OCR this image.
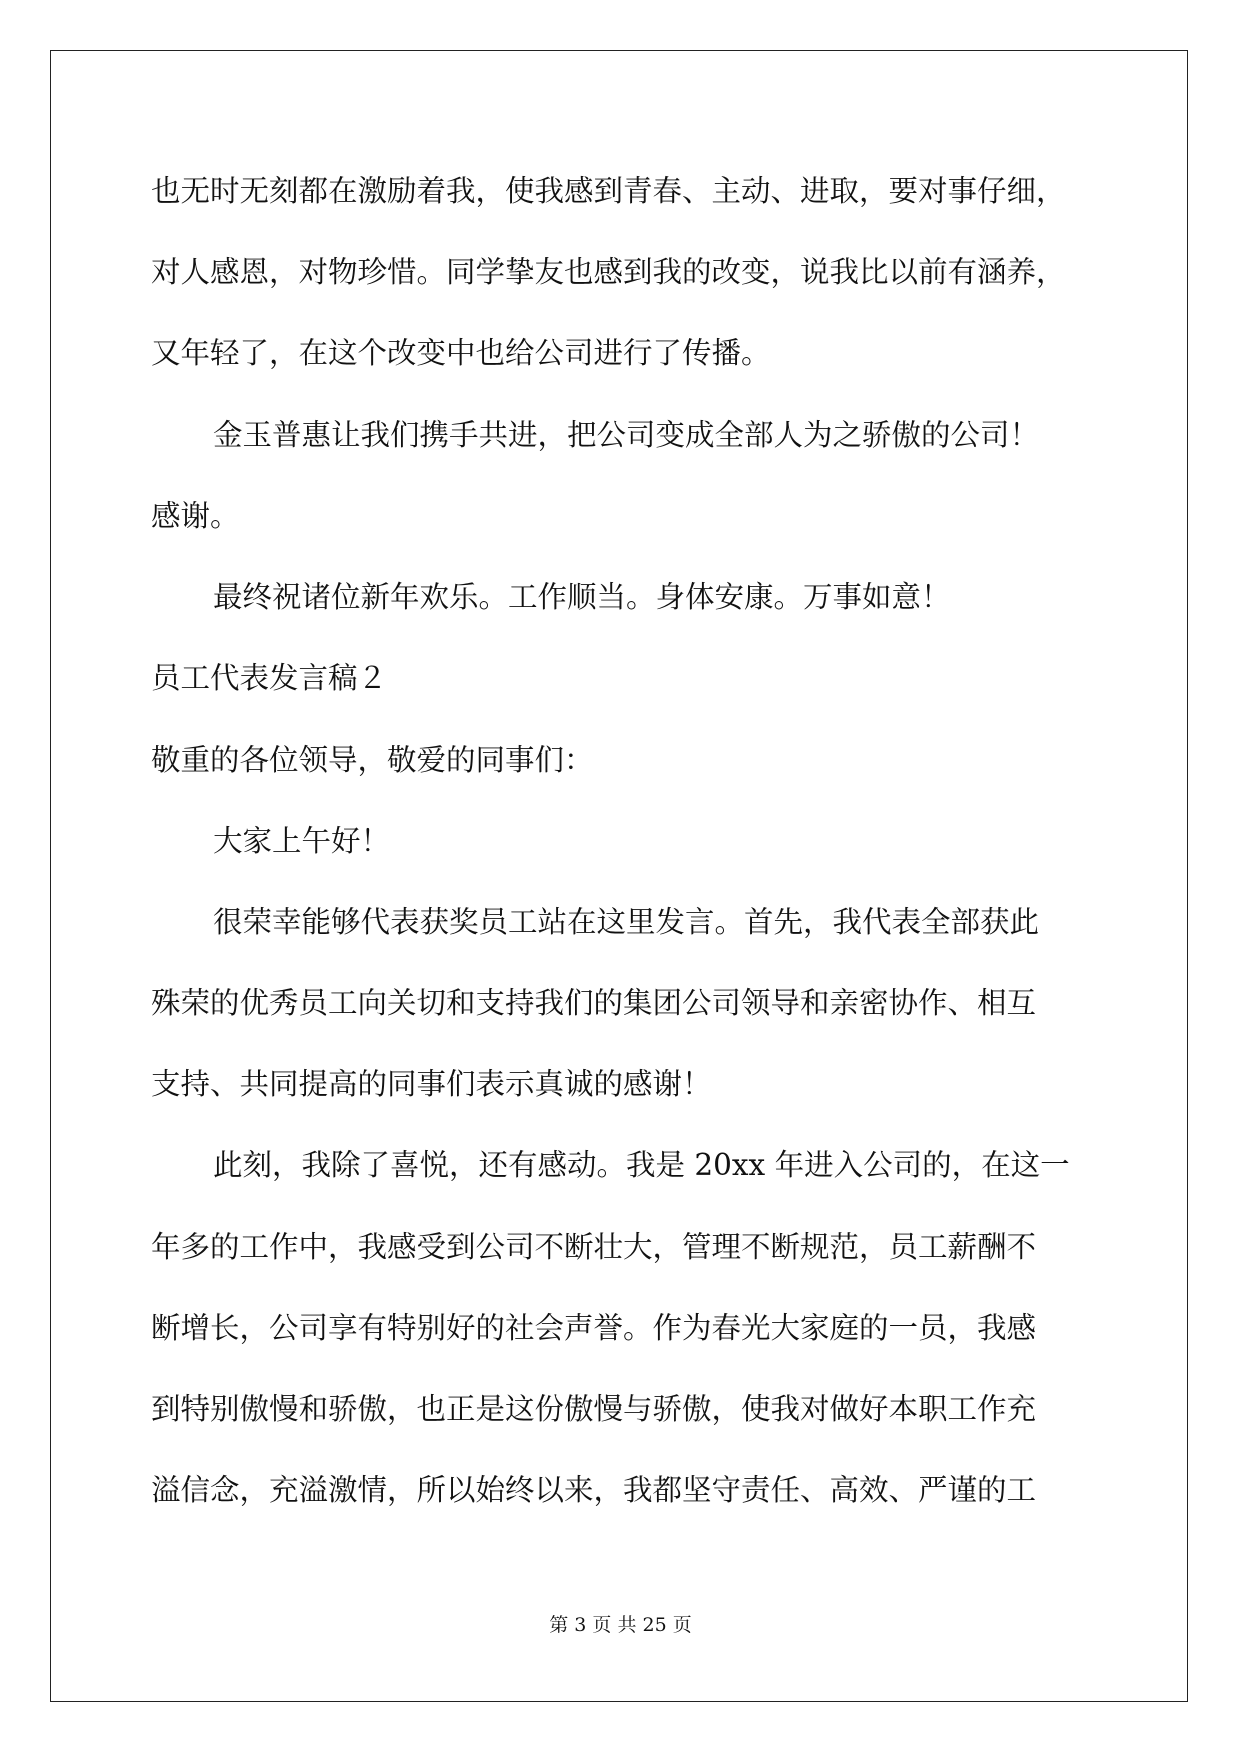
也无时无刻都在激励着我，使我感到青春、主动、进取，要对事仔细，

对人感恩，对物珍惜。同学挚友也感到我的改变，说我比以前有涵养，

又年轻了，在这个改变中也给公司进行了传播。

金玉普惠让我们携手共进，把公司变成全部人为之骄傲的公司！

感谢。

最终祝诸位新年欢乐。工作顺当。身体安康。万事如意！

员工代表发言稿２

敬重的各位领导，敬爱的同事们：

大家上午好！

很荣幸能够代表获奖员工站在这里发言。首先，我代表全部获此

殊荣的优秀员工向关切和支持我们的集团公司领导和亲密协作、相互

支持、共同提高的同事们表示真诚的感谢！

此刻，我除了喜悦，还有感动。我是 20xx 年进入公司的，在这一

年多的工作中，我感受到公司不断壮大，管理不断规范，员工薪酬不

断增长，公司享有特别好的社会声誉。作为春光大家庭的一员，我感

到特别傲慢和骄傲，也正是这份傲慢与骄傲，使我对做好本职工作充

溢信念，充溢激情，所以始终以来，我都坚守责任、高效、严谨的工

第 3 页 共 25 页
